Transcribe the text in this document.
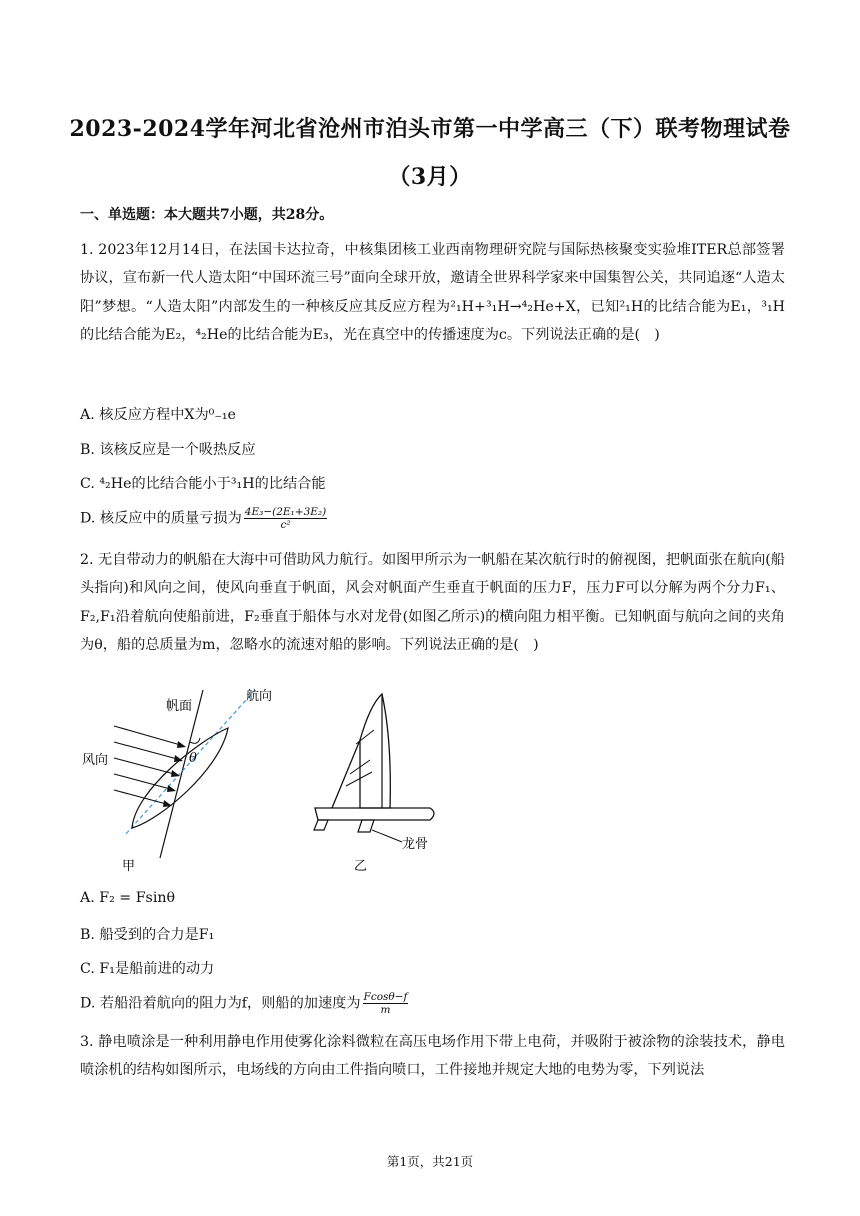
2023-2024学年河北省沧州市泊头市第一中学高三（下）联考物理试卷
（3月）
一、单选题：本大题共7小题，共28分。
1. 2023年12月14日，在法国卡达拉奇，中核集团核工业西南物理研究院与国际热核聚变实验堆ITER总部签署协议，宣布新一代人造太阳“中国环流三号”面向全球开放，邀请全世界科学家来中国集智公关，共同追逐“人造太阳”梦想。“人造太阳”内部发生的一种核反应其反应方程为²₁H+³₁H→⁴₂He+X，已知²₁H的比结合能为E₁，³₁H的比结合能为E₂，⁴₂He的比结合能为E₃，光在真空中的传播速度为c。下列说法正确的是(　)
A. 核反应方程中X为⁰₋₁e
B. 该核反应是一个吸热反应
C. ⁴₂He的比结合能小于³₁H的比结合能
D. 核反应中的质量亏损为 $\frac{\text{4E₃−(2E₁+3E₂)}}{\text{c²}}$
2. 无自带动力的帆船在大海中可借助风力航行。如图甲所示为一帆船在某次航行时的俯视图，把帆面张在航向(船头指向)和风向之间，使风向垂直于帆面，风会对帆面产生垂直于帆面的压力F，压力F可以分解为两个分力F₁、F₂,F₁沿着航向使船前进，F₂垂直于船体与水对龙骨(如图乙所示)的横向阻力相平衡。已知帆面与航向之间的夹角为θ，船的总质量为m，忽略水的流速对船的影响。下列说法正确的是(　)
θ
帆面
航向
风向
甲
龙骨
乙
A. F₂ = Fsinθ
B. 船受到的合力是F₁
C. F₁是船前进的动力
D. 若船沿着航向的阻力为f，则船的加速度为 $\frac{Fcos\theta-f}{m}$
3. 静电喷涂是一种利用静电作用使雾化涂料微粒在高压电场作用下带上电荷，并吸附于被涂物的涂装技术，静电喷涂机的结构如图所示，电场线的方向由工件指向喷口，工件接地并规定大地的电势为零，下列说法
第1页，共21页
